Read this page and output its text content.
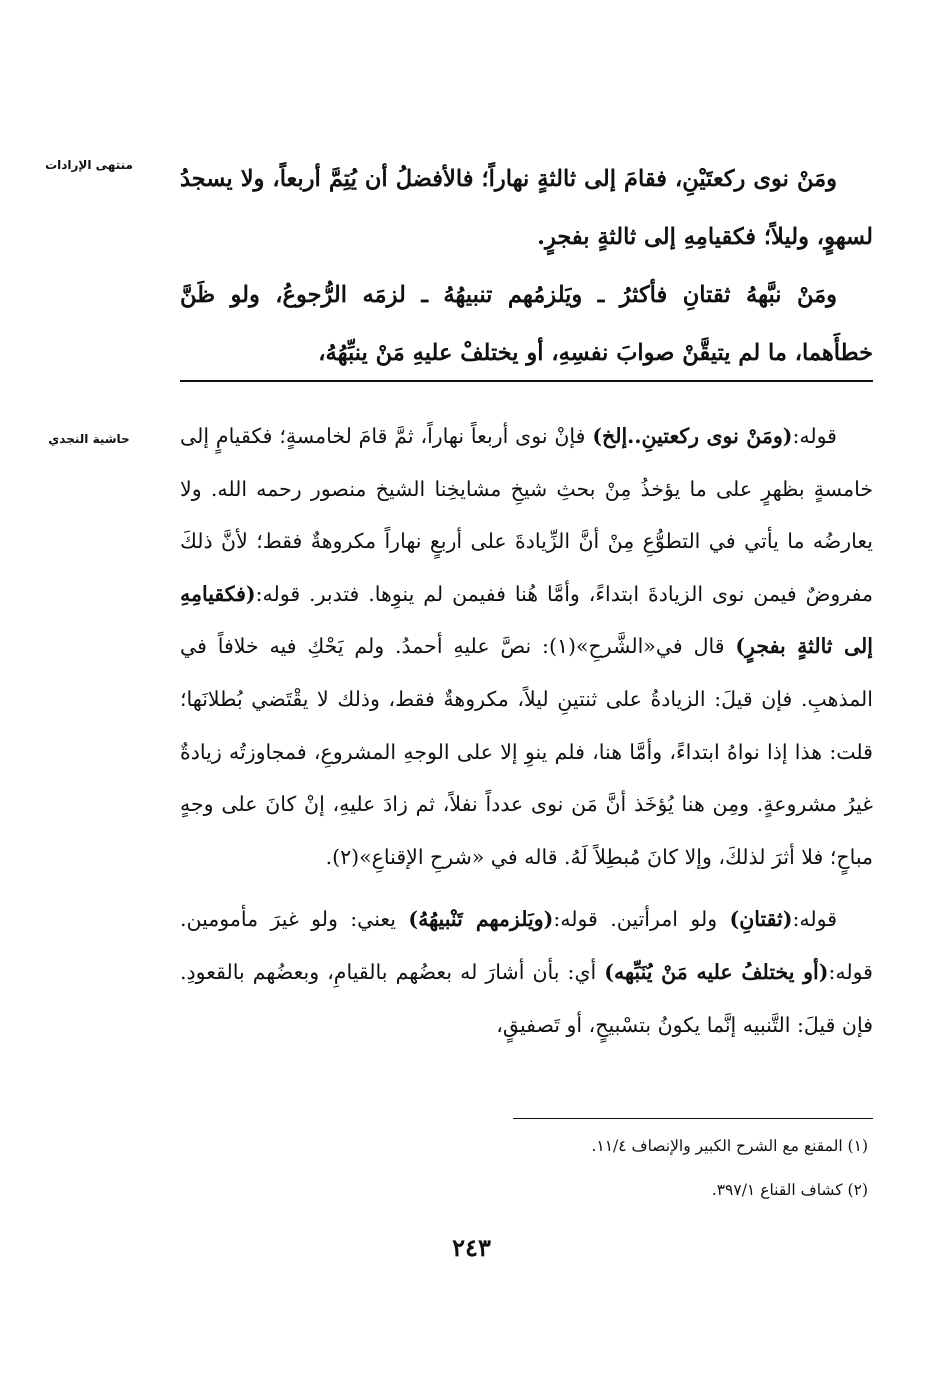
منتهى الإرادات
حاشية النجدي

ومَنْ نوى ركعتَيْنِ، فقامَ إلى ثالثةٍ نهاراً؛ فالأفضلُ أن يُتِمَّ أربعاً، ولا يسجدُ لسهوٍ، وليلاً؛ فكقيامِهِ إلى ثالثةٍ بفجرٍ.

ومَنْ نبَّههُ ثقتانِ فأكثرُ ـ ويَلزمُهم تنبيهُهُ ـ لزمَه الرُّجوعُ، ولو ظَنَّ خطأَهما، ما لم يتيقَّنْ صوابَ نفسِهِ، أو يختلفْ عليهِ مَنْ ينبِّهُهُ،

قوله:(ومَنْ نوى ركعتينِ..إلخ) فإنْ نوى أربعاً نهاراً، ثمَّ قامَ لخامسةٍ؛ فكقيامٍ إلى خامسةٍ بظهرٍ على ما يؤخذُ مِنْ بحثِ شيخِ مشايخِنا الشيخ منصور رحمه الله. ولا يعارضُه ما يأتي في التطوُّعِ مِنْ أنَّ الزِّيادةَ على أربعٍ نهاراً مكروهةٌ فقط؛ لأنَّ ذلكَ مفروضٌ فيمن نوى الزيادةَ ابتداءً، وأمَّا هُنا ففيمن لم ينوِها. فتدبر. قوله:(فكقيامِهِ إلى ثالثةٍ بفجرٍ) قال في«الشَّرحِ»(١): نصَّ عليهِ أحمدُ. ولم يَحْكِ فيه خلافاً في المذهبِ. فإن قيلَ: الزيادةُ على ثنتينِ ليلاً، مكروهةٌ فقط، وذلك لا يقْتَضي بُطلانَها؛ قلت: هذا إذا نواهُ ابتداءً، وأمَّا هنا، فلم ينوِ إلا على الوجهِ المشروعِ، فمجاوزتُه زيادةٌ غيرُ مشروعةٍ. ومِن هنا يُؤخَذ أنَّ مَن نوى عدداً نفلاً، ثم زادَ عليهِ، إنْ كانَ على وجهٍ مباحٍ؛ فلا أثرَ لذلكَ، وإلا كانَ مُبطِلاً لَهُ. قاله في «شرحِ الإقناعِ»(٢).

قوله:(ثقتانِ) ولو امرأتين. قوله:(ويَلزمهم تَنْبيهُهُ) يعني: ولو غيرَ مأمومين. قوله:(أو يختلفُ عليه مَنْ يُنَبِّهه) أي: بأن أشارَ له بعضُهم بالقيامِ، وبعضُهم بالقعودِ. فإن قيلَ: التَّنبيه إنَّما يكونُ بتسْبيحٍ، أو تَصفيقٍ،

(١) المقنع مع الشرح الكبير والإنصاف ١١/٤.
(٢) كشاف القناع ٣٩٧/١.
٢٤٣
